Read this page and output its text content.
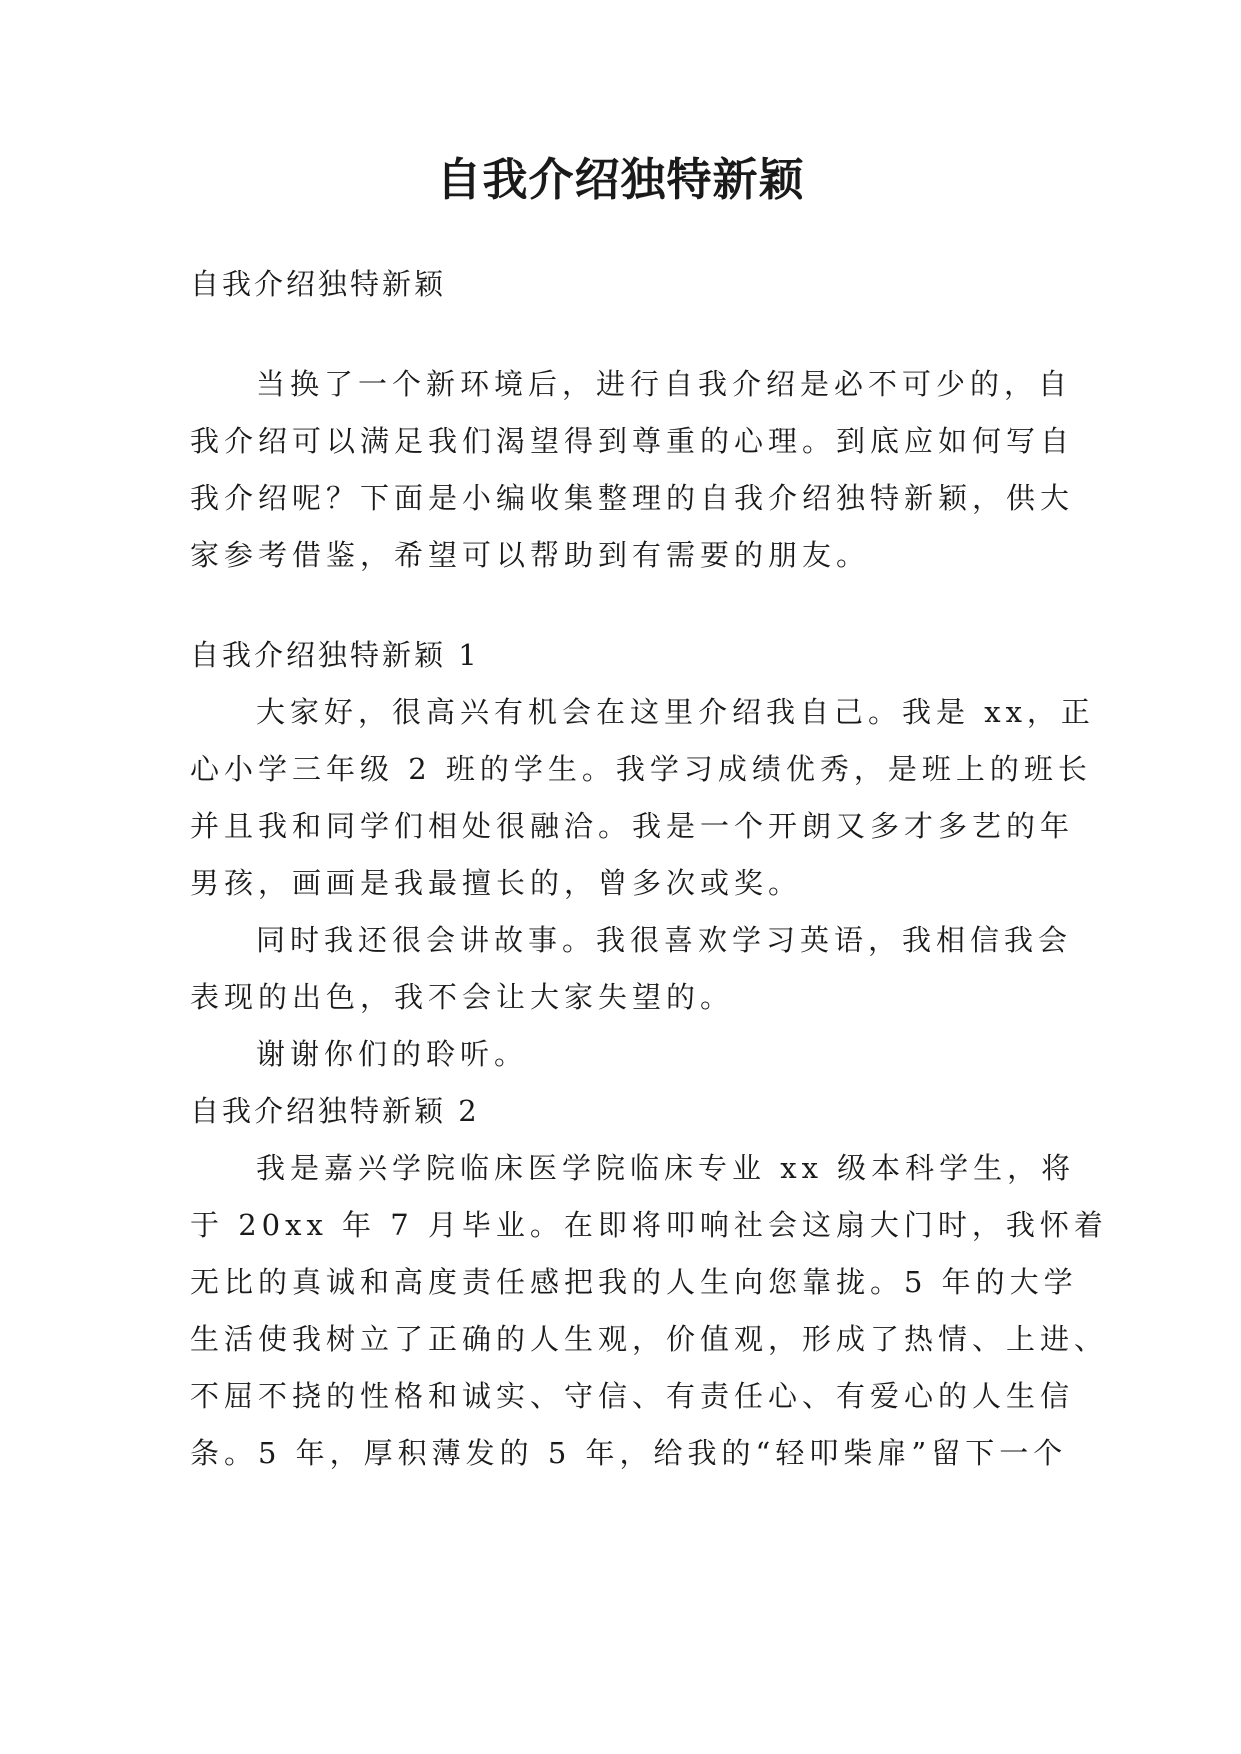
自我介绍独特新颖

自我介绍独特新颖

当换了一个新环境后，进行自我介绍是必不可少的，自

我介绍可以满足我们渴望得到尊重的心理。到底应如何写自

我介绍呢？下面是小编收集整理的自我介绍独特新颖，供大

家参考借鉴，希望可以帮助到有需要的朋友。

自我介绍独特新颖 1

大家好，很高兴有机会在这里介绍我自己。我是 xx，正

心小学三年级 2 班的学生。我学习成绩优秀，是班上的班长

并且我和同学们相处很融洽。我是一个开朗又多才多艺的年

男孩，画画是我最擅长的，曾多次或奖。

同时我还很会讲故事。我很喜欢学习英语，我相信我会

表现的出色，我不会让大家失望的。

谢谢你们的聆听。

自我介绍独特新颖 2

我是嘉兴学院临床医学院临床专业 xx 级本科学生，将

于 20xx 年 7 月毕业。在即将叩响社会这扇大门时，我怀着

无比的真诚和高度责任感把我的人生向您靠拢。5 年的大学

生活使我树立了正确的人生观，价值观，形成了热情、上进、

不屈不挠的性格和诚实、守信、有责任心、有爱心的人生信

条。5 年，厚积薄发的 5 年，给我的“轻叩柴扉”留下一个
